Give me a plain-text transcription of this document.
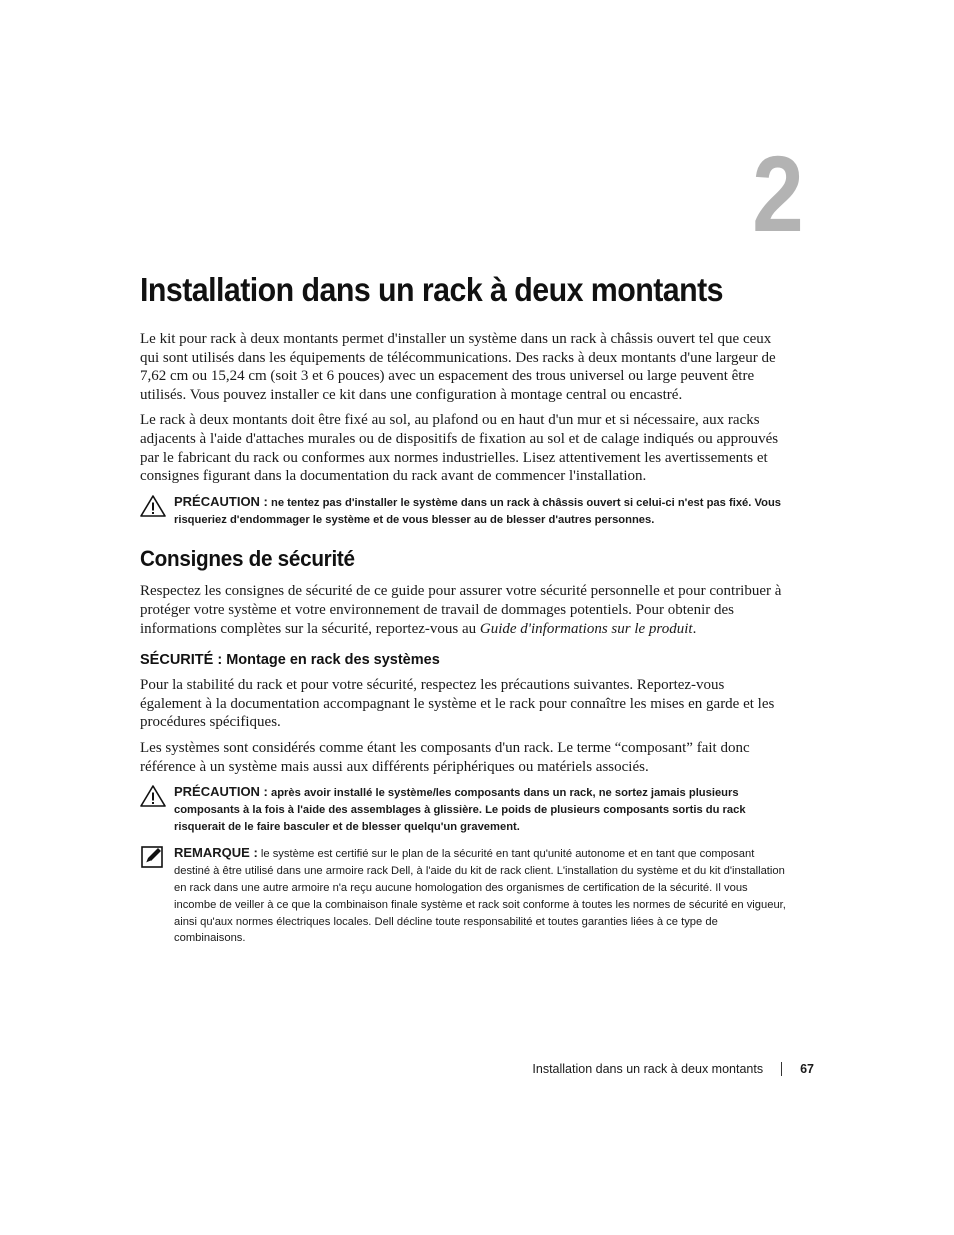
2
Installation dans un rack à deux montants

Le kit pour rack à deux montants permet d'installer un système dans un rack à châssis ouvert tel que ceux qui sont utilisés dans les équipements de télécommunications. Des racks à deux montants d'une largeur de 7,62 cm ou 15,24 cm (soit 3 et 6 pouces) avec un espacement des trous universel ou large peuvent être utilisés. Vous pouvez installer ce kit dans une configuration à montage central ou encastré.

Le rack à deux montants doit être fixé au sol, au plafond ou en haut d'un mur et si nécessaire, aux racks adjacents à l'aide d'attaches murales ou de dispositifs de fixation au sol et de calage indiqués ou approuvés par le fabricant du rack ou conformes aux normes industrielles. Lisez attentivement les avertissements et consignes figurant dans la documentation du rack avant de commencer l'installation.

PRÉCAUTION : ne tentez pas d'installer le système dans un rack à châssis ouvert si celui-ci n'est pas fixé. Vous risqueriez d'endommager le système et de vous blesser au de blesser d'autres personnes.

Consignes de sécurité

Respectez les consignes de sécurité de ce guide pour assurer votre sécurité personnelle et pour contribuer à protéger votre système et votre environnement de travail de dommages potentiels. Pour obtenir des informations complètes sur la sécurité, reportez-vous au Guide d'informations sur le produit.

SÉCURITÉ : Montage en rack des systèmes

Pour la stabilité du rack et pour votre sécurité, respectez les précautions suivantes. Reportez-vous également à la documentation accompagnant le système et le rack pour connaître les mises en garde et les procédures spécifiques.

Les systèmes sont considérés comme étant les composants d'un rack. Le terme “composant” fait donc référence à un système mais aussi aux différents périphériques ou matériels associés.

PRÉCAUTION : après avoir installé le système/les composants dans un rack, ne sortez jamais plusieurs composants à la fois à l'aide des assemblages à glissière. Le poids de plusieurs composants sortis du rack risquerait de le faire basculer et de blesser quelqu'un gravement.

REMARQUE : le système est certifié sur le plan de la sécurité en tant qu'unité autonome et en tant que composant destiné à être utilisé dans une armoire rack Dell, à l'aide du kit de rack client. L'installation du système et du kit d'installation en rack dans une autre armoire n'a reçu aucune homologation des organismes de certification de la sécurité. Il vous incombe de veiller à ce que la combinaison finale système et rack soit conforme à toutes les normes de sécurité en vigueur, ainsi qu'aux normes électriques locales. Dell décline toute responsabilité et toutes garanties liées à ce type de combinaisons.

Installation dans un rack à deux montants	67
